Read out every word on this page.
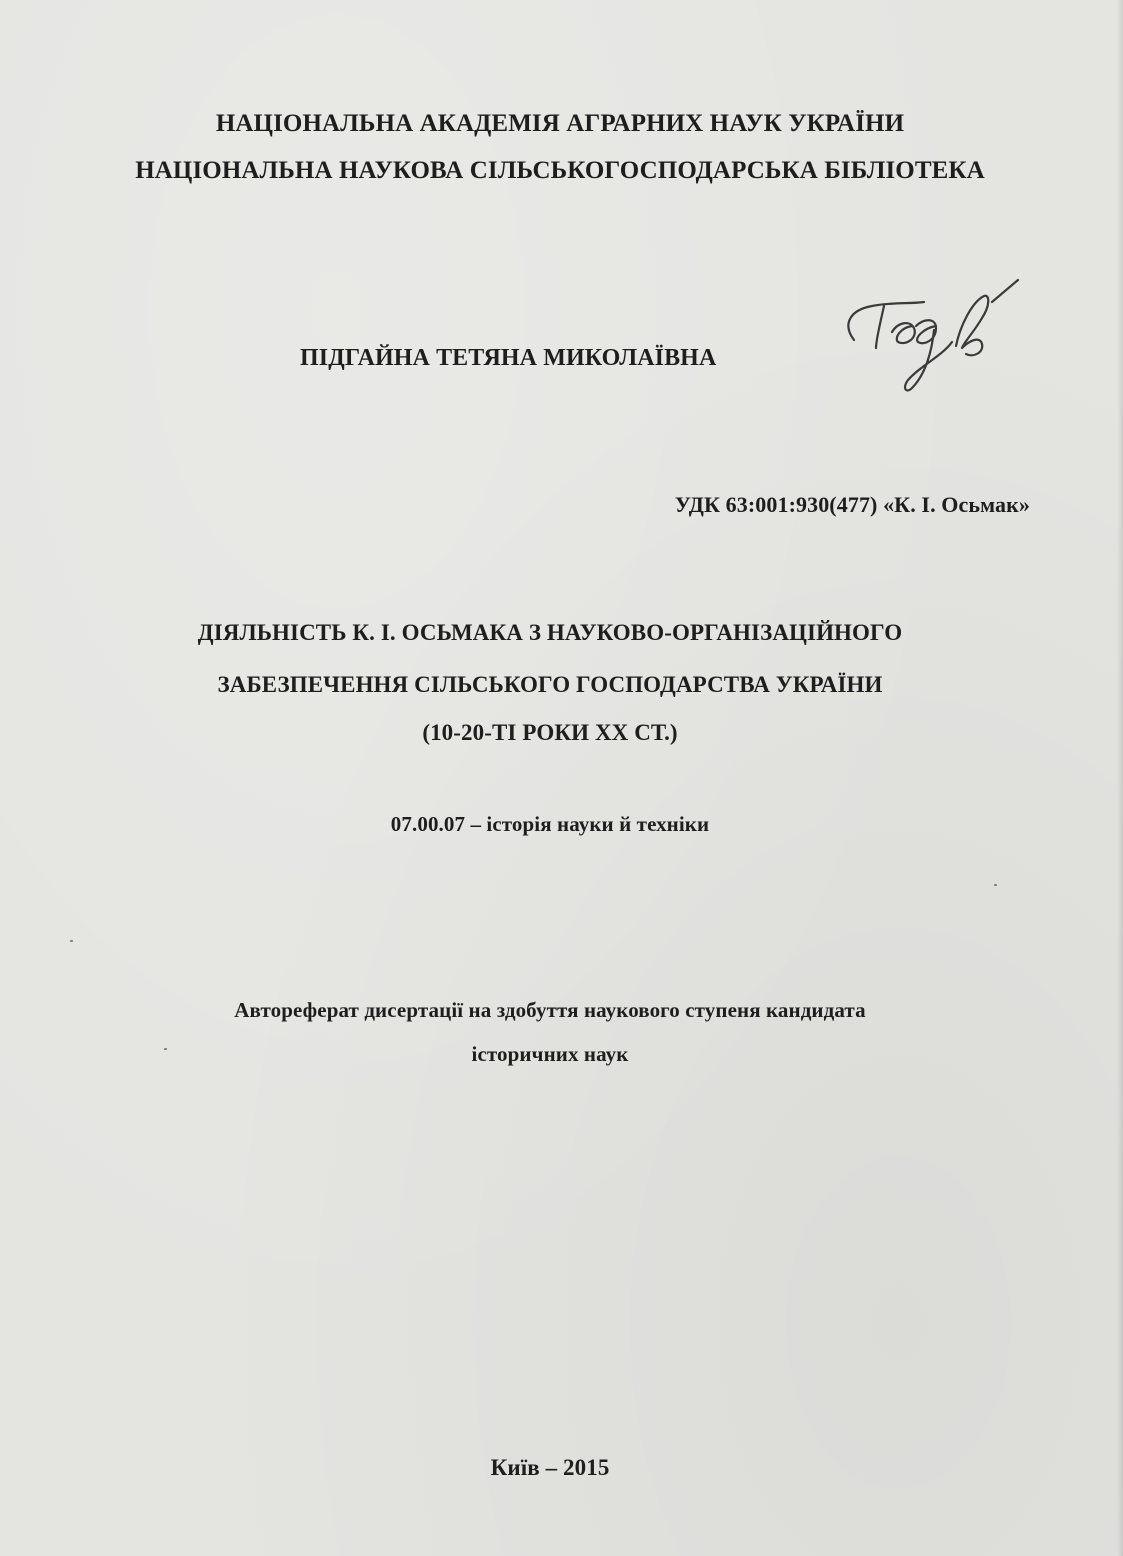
НАЦІОНАЛЬНА АКАДЕМІЯ АГРАРНИХ НАУК УКРАЇНИ
НАЦІОНАЛЬНА НАУКОВА СІЛЬСЬКОГОСПОДАРСЬКА БІБЛІОТЕКА
ПІДГАЙНА ТЕТЯНА МИКОЛАЇВНА
УДК 63:001:930(477) «К. І. Осьмак»
ДІЯЛЬНІСТЬ К. І. ОСЬМАКА З НАУКОВО-ОРГАНІЗАЦІЙНОГО
ЗАБЕЗПЕЧЕННЯ СІЛЬСЬКОГО ГОСПОДАРСТВА УКРАЇНИ
(10-20-ТІ РОКИ ХХ СТ.)
07.00.07 – історія науки й техніки
Автореферат дисертації на здобуття наукового ступеня кандидата
історичних наук
Київ – 2015
